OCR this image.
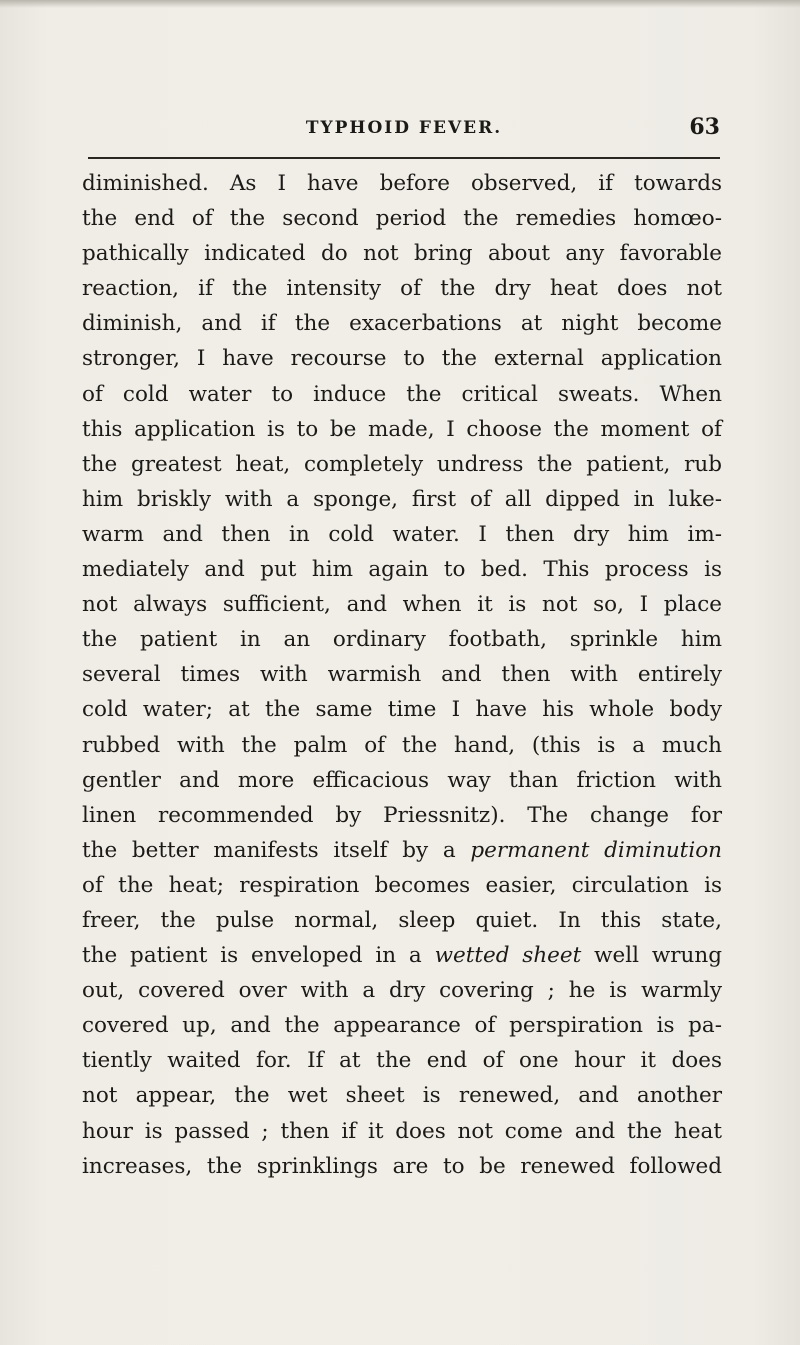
TYPHOID FEVER.	63
diminished. As I have before observed, if towards
the end of the second period the remedies homœo-
pathically indicated do not bring about any favorable
reaction, if the intensity of the dry heat does not
diminish, and if the exacerbations at night become
stronger, I have recourse to the external application
of cold water to induce the critical sweats. When
this application is to be made, I choose the moment of
the greatest heat, completely undress the patient, rub
him briskly with a sponge, first of all dipped in luke-
warm and then in cold water. I then dry him im-
mediately and put him again to bed. This process is
not always sufficient, and when it is not so, I place
the patient in an ordinary footbath, sprinkle him
several times with warmish and then with entirely
cold water; at the same time I have his whole body
rubbed with the palm of the hand, (this is a much
gentler and more efficacious way than friction with
linen recommended by Priessnitz). The change for
the better manifests itself by a permanent diminution
of the heat; respiration becomes easier, circulation is
freer, the pulse normal, sleep quiet. In this state,
the patient is enveloped in a wetted sheet well wrung
out, covered over with a dry covering ; he is warmly
covered up, and the appearance of perspiration is pa-
tiently waited for. If at the end of one hour it does
not appear, the wet sheet is renewed, and another
hour is passed ; then if it does not come and the heat
increases, the sprinklings are to be renewed followed
